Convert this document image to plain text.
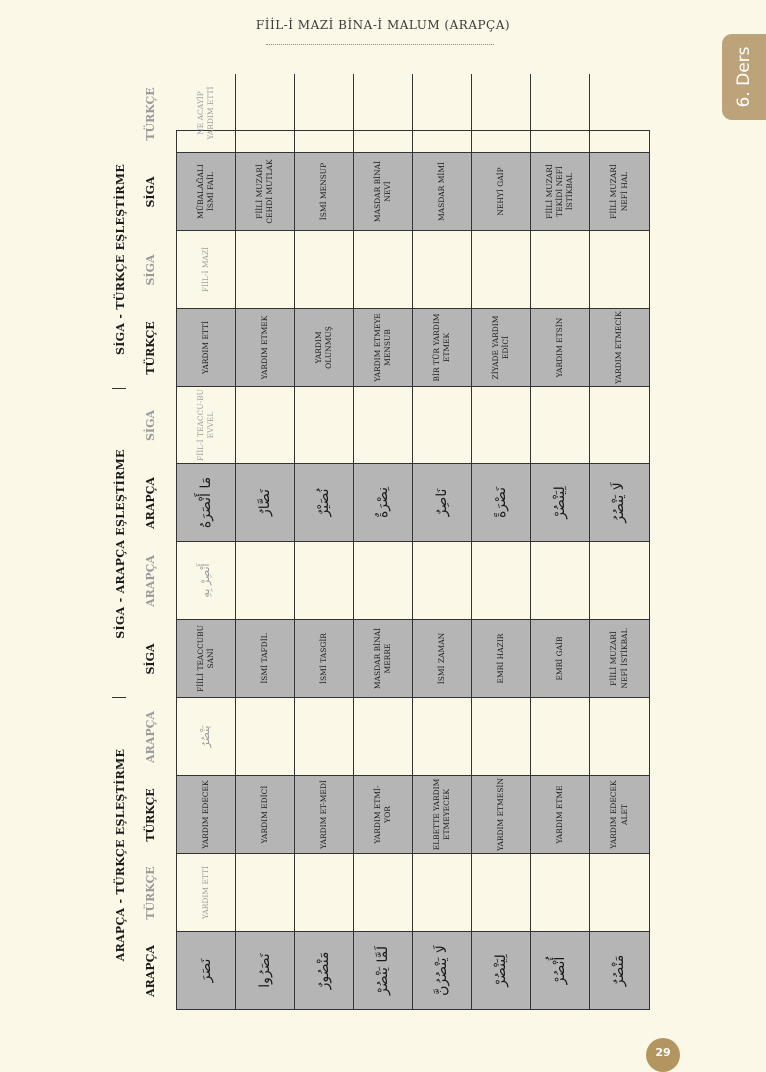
FİİL-İ MAZİ BİNA-İ MALUM (ARAPÇA)
6. Ders
ARAPÇA - TÜRKÇE EŞLEŞTİRME
SİGA - ARAPÇA EŞLEŞTİRME
SİGA - TÜRKÇE EŞLEŞTİRME
ARAPÇA
TÜRKÇE
TÜRKÇE
ARAPÇA
SİGA
ARAPÇA
ARAPÇA
SİGA
TÜRKÇE
SİGA
SİGA
TÜRKÇE
نَصَرَ
YARDIM ETTİ
YARDIM EDECEK
يَنْصُرُ
FİİLİ TEACCUBU SANİ
أَنْصِرْ بِهِ
مَا أَنْصَرَهُ
FİİL-İ TEACCU-BU EVVEL
YARDIM ETTİ
FİİL-İ MAZİ
MÜBALAĞALI İSMİ FAİL
NE ACAYİP YARDIM ETTİ
نَصَرُوا
YARDIM EDİCİ
İSMİ TAFDİL
نَصَّارٌ
YARDIM ETMEK
FİİLİ MUZARİ CEHDİ MUTLAK
مَنْصُورٌ
YARDIM ET-MEDİ
İSMİ TASGİR
نُصَيْرٌ
YARDIM OLUNMUŞ
İSMİ MENSUP
لَمَّا يَنْصُرْ
YARDIM ETMİ-YOR
MASDAR BİNAİ MERRE
نِصْرَةٌ
YARDIM ETMEYE MENSUB
MASDAR BİNAİ NEVİ
لَا يَنْصُرُنَّ
ELBETTE YARDIM ETMEYECEK
İSMİ ZAMAN
نَاصِرٌ
BİR TÜR YARDIM ETMEK
MASDAR MİMİ
لِيَنْصُرْ
YARDIM ETMESİN
EMRİ HAZIR
نَصْرَةً
ZİYADE YARDIM EDİCİ
NEHYİ GAİP
أُنْصُرْ
YARDIM ETME
EMRİ GAİB
لِيَنْصُرْ
YARDIM ETSİN
FİİLİ MUZARİ TEKİDİ NEFİ İSTİKBAL
مَنْصُرٌ
YARDIM EDECEK ALET
FİİLİ MUZARİ NEFİ İSTİKBAL
لَا يَنْصُرُ
YARDIM ETMECİK
FİİLİ MUZARİ NEFİ HAL
29
